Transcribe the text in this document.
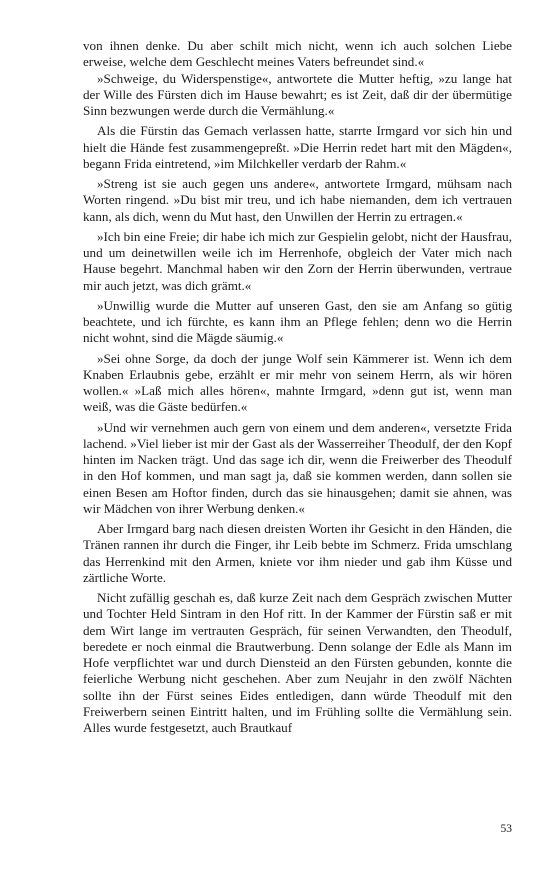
von ihnen denke. Du aber schilt mich nicht, wenn ich auch solchen Liebe erweise, welche dem Geschlecht meines Vaters befreundet sind.«

»Schweige, du Widerspenstige«, antwortete die Mutter heftig, »zu lange hat der Wille des Fürsten dich im Hause bewahrt; es ist Zeit, daß dir der übermütige Sinn bezwungen werde durch die Vermählung.«

Als die Fürstin das Gemach verlassen hatte, starrte Irmgard vor sich hin und hielt die Hände fest zusammengepreßt. »Die Herrin redet hart mit den Mägden«, begann Frida eintretend, »im Milchkeller verdarb der Rahm.«

»Streng ist sie auch gegen uns andere«, antwortete Irmgard, mühsam nach Worten ringend. »Du bist mir treu, und ich habe niemanden, dem ich vertrauen kann, als dich, wenn du Mut hast, den Unwillen der Herrin zu ertragen.«

»Ich bin eine Freie; dir habe ich mich zur Gespielin gelobt, nicht der Hausfrau, und um deinetwillen weile ich im Herrenhofe, obgleich der Vater mich nach Hause begehrt. Manchmal haben wir den Zorn der Herrin überwunden, vertraue mir auch jetzt, was dich grämt.«

»Unwillig wurde die Mutter auf unseren Gast, den sie am Anfang so gütig beachtete, und ich fürchte, es kann ihm an Pflege fehlen; denn wo die Herrin nicht wohnt, sind die Mägde säumig.«

»Sei ohne Sorge, da doch der junge Wolf sein Kämmerer ist. Wenn ich dem Knaben Erlaubnis gebe, erzählt er mir mehr von seinem Herrn, als wir hören wollen.« »Laß mich alles hören«, mahnte Irmgard, »denn gut ist, wenn man weiß, was die Gäste bedürfen.«

»Und wir vernehmen auch gern von einem und dem anderen«, versetzte Frida lachend. »Viel lieber ist mir der Gast als der Wasserreiher Theodulf, der den Kopf hinten im Nacken trägt. Und das sage ich dir, wenn die Freiwerber des Theodulf in den Hof kommen, und man sagt ja, daß sie kommen werden, dann sollen sie einen Besen am Hoftor finden, durch das sie hinausgehen; damit sie ahnen, was wir Mädchen von ihrer Werbung denken.«

Aber Irmgard barg nach diesen dreisten Worten ihr Gesicht in den Händen, die Tränen rannen ihr durch die Finger, ihr Leib bebte im Schmerz. Frida umschlang das Herrenkind mit den Armen, kniete vor ihm nieder und gab ihm Küsse und zärtliche Worte.

Nicht zufällig geschah es, daß kurze Zeit nach dem Gespräch zwischen Mutter und Tochter Held Sintram in den Hof ritt. In der Kammer der Fürstin saß er mit dem Wirt lange im vertrauten Gespräch, für seinen Verwandten, den Theodulf, beredete er noch einmal die Brautwerbung. Denn solange der Edle als Mann im Hofe verpflichtet war und durch Diensteid an den Fürsten gebunden, konnte die feierliche Werbung nicht geschehen. Aber zum Neujahr in den zwölf Nächten sollte ihn der Fürst seines Eides entledigen, dann würde Theodulf mit den Freiwerbern seinen Eintritt halten, und im Frühling sollte die Vermählung sein. Alles wurde festgesetzt, auch Brautkauf

53
